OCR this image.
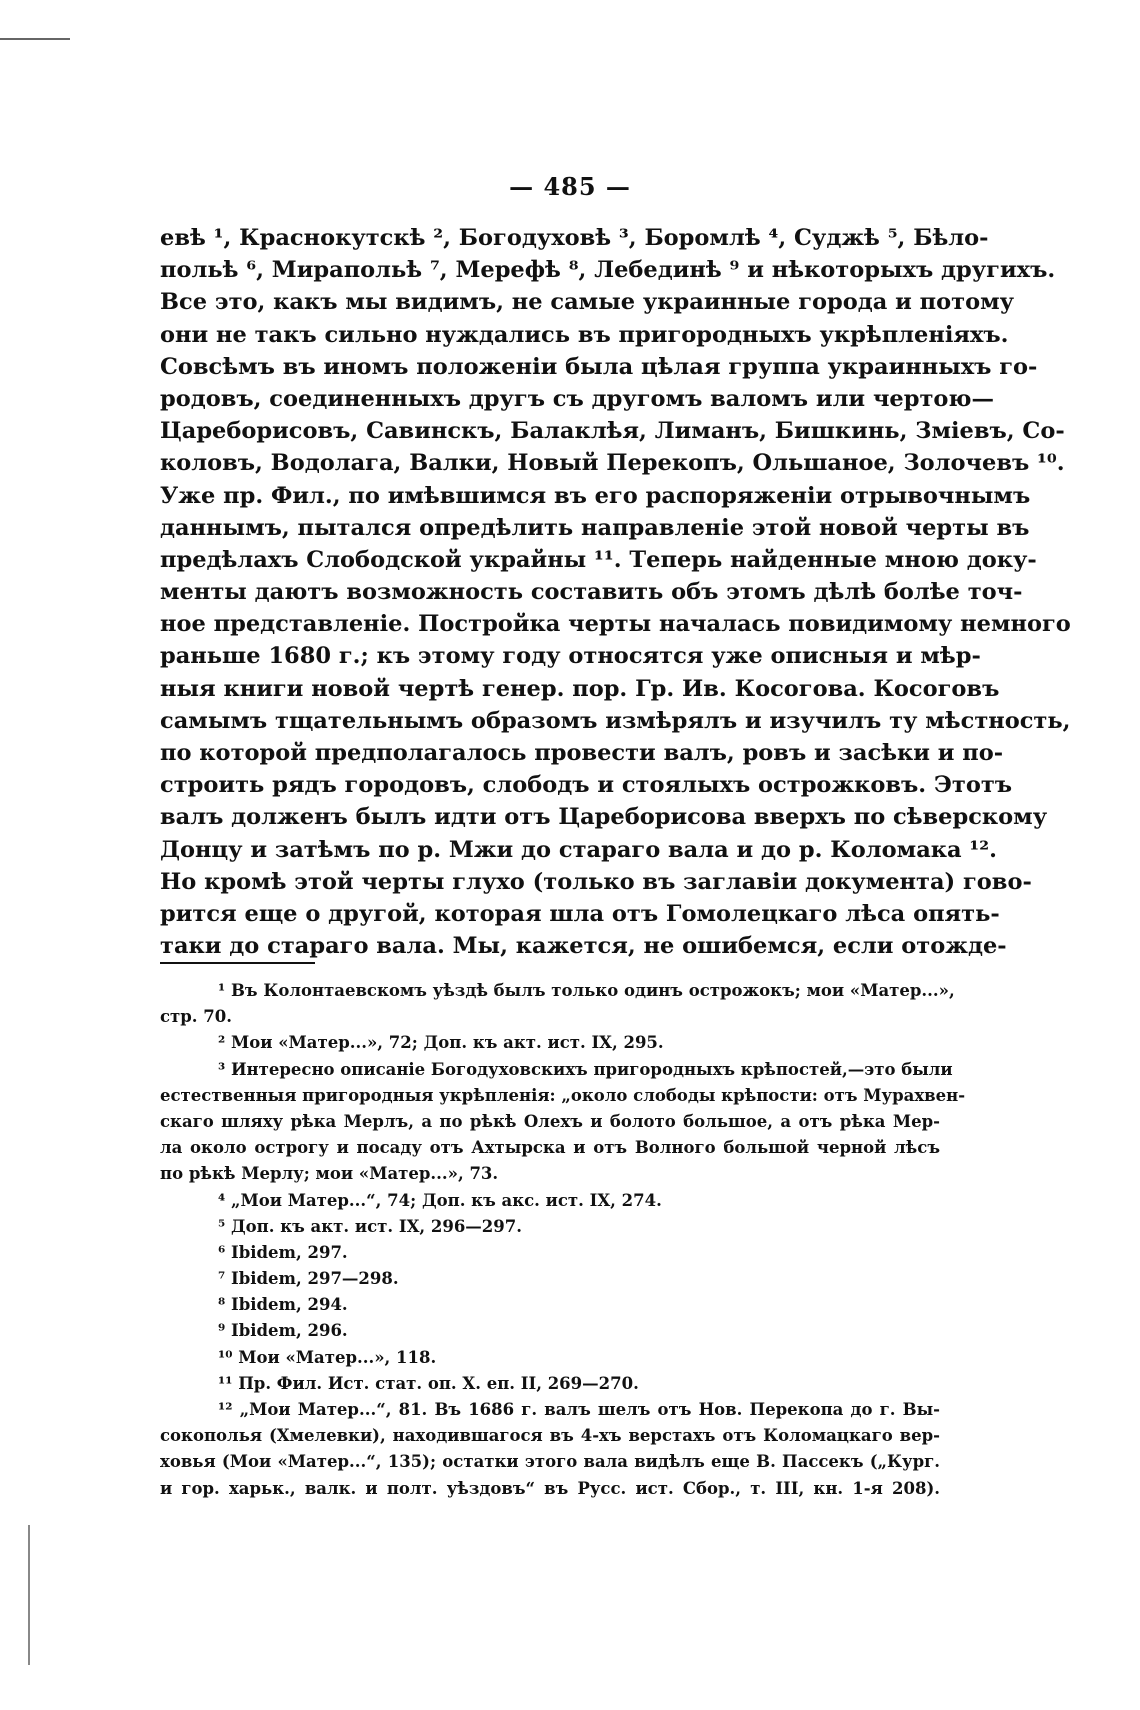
— 485 —
евѣ ¹, Краснокутскѣ ², Богодуховѣ ³, Боромлѣ ⁴, Суджѣ ⁵, Бѣло-
польѣ ⁶, Мирапольѣ ⁷, Мерефѣ ⁸, Лебединѣ ⁹ и нѣкоторыхъ другихъ.
Все это, какъ мы видимъ, не самые украинные города и потому
они не такъ сильно нуждались въ пригородныхъ укрѣпленiяхъ.
Совсѣмъ въ иномъ положенiи была цѣлая группа украинныхъ го-
родовъ, соединенныхъ другъ съ другомъ валомъ или чертою—
Царeборисовъ, Савинскъ, Балаклѣя, Лиманъ, Бишкинь, Змiевъ, Со-
коловъ, Водолага, Валки, Новый Перекопъ, Ольшаное, Золочевъ ¹⁰.
Уже пр. Фил., по имѣвшимся въ его распоряженiи отрывочнымъ
даннымъ, пытался опредѣлить направленiе этой новой черты въ
предѣлахъ Слободской украйны ¹¹. Теперь найденные мною доку-
менты даютъ возможность составить объ этомъ дѣлѣ болѣе точ-
ное представленiе. Постройка черты началась повидимому немного
раньше 1680 г.; къ этому году относятся уже описныя и мѣр-
ныя книги новой чертѣ генер. пор. Гр. Ив. Косогова. Косоговъ
самымъ тщательнымъ образомъ измѣрялъ и изучилъ ту мѣстность,
по которой предполагалось провести валъ, ровъ и засѣки и по-
строить рядъ городовъ, слободъ и стоялыхъ острожковъ. Этотъ
валъ долженъ былъ идти отъ Царeборисова вверхъ по сѣверскому
Донцу и затѣмъ по р. Мжи до стараго вала и до р. Коломака ¹².
Но кромѣ этой черты глухо (только въ заглавiи документа) гово-
рится еще о другой, которая шла отъ Гомолецкаго лѣса опять-
таки до стараго вала. Мы, кажется, не ошибемся, если отожде-
¹ Въ Колонтаевскомъ уѣздѣ былъ только одинъ острожокъ; мои «Матер...»,
стр. 70.
² Мои «Матер...», 72; Доп. къ акт. ист. IX, 295.
³ Интересно описанiе Богодуховскихъ пригородныхъ крѣпостей,—это были
естественныя пригородныя укрѣпленiя: „около слободы крѣпости: отъ Мурахвен-
скаго шляху рѣка Мерлъ, а по рѣкѣ Олехъ и болото большое, а отъ рѣка Мер-
ла около острогу и посаду отъ Ахтырска и отъ Волного большой черной лѣсъ
по рѣкѣ Мерлу; мои «Матер...», 73.
⁴ „Мои Матер...“, 74; Доп. къ акс. ист. IX, 274.
⁵ Доп. къ акт. ист. IX, 296—297.
⁶ Ibidem, 297.
⁷ Ibidem, 297—298.
⁸ Ibidem, 294.
⁹ Ibidem, 296.
¹⁰ Мои «Матер...», 118.
¹¹ Пр. Фил. Ист. стат. оп. X. еп. II, 269—270.
¹² „Мои Матер...“, 81. Въ 1686 г. валъ шелъ отъ Нов. Перекопа до г. Вы-
сокополья (Хмелевки), находившагося въ 4-хъ верстахъ отъ Коломацкаго вер-
ховья (Мои «Матер...“, 135); остатки этого вала видѣлъ еще В. Пассекъ („Кург.
и гор. харьк., валк. и полт. уѣздовъ“ въ Русс. ист. Сбор., т. III, кн. 1-я 208).
